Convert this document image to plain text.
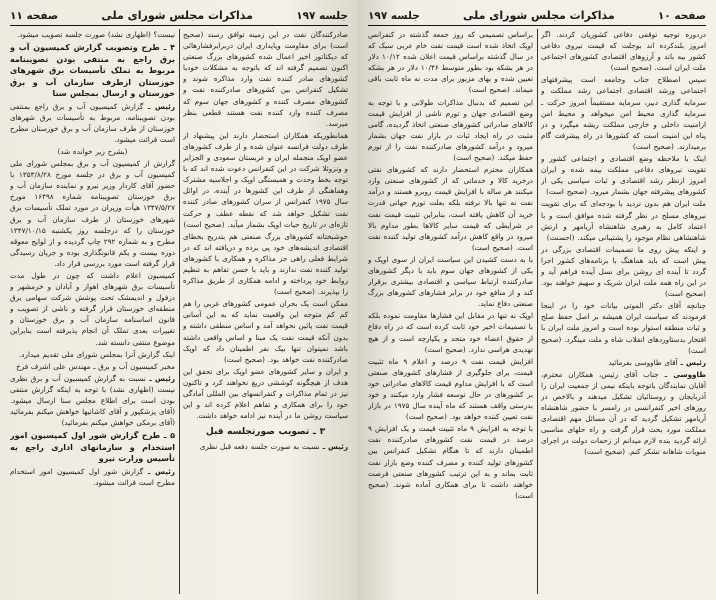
جلسه ۱۹۷
مذاکرات مجلس شورای ملی
صفحه ۱۱

صادرکنندگان نفت در این زمینه توافق رسند (صحیح است) برای مقاومت وپایداری ایران دربرابرفشارهائی که دیکتاتور اخیر اعمال شده کشورهای بزرگ صنعتی اکنون تصمیم گرفته اند که باتوجه به مشکلات خودبا کشورهای صادر کننده نفت وارد مذاکره شوند و تشکیل کنفرانس بین کشورهای صادرکننده نفت و کشورهای مصرف کننده و کشورهای جهان سوم که مصرف کننده وارد کننده نفت هستند قطعی بنظر میرسد.

همانطوریکه همکاران استحضار دارند این پیشنهاد از طرف دولت فرانسه عنوان شده و از طرف کشورهای عضو اوپک منجمله ایران و عربستان سعودی و الجزایر و ونزوئلا شرکت در این کنفرانس دعوت شده اند که با توجه بخط وحدت و همبستگی اوپک و اجلاسیه مشترک وهماهنگی از طرف این کشورها در آینده، در اوائل سال ۱۹۷۵ کنفرانس از سران کشورهای صادر کننده نفت تشکیل خواهد شد که نقطه عطف و حرکت تازه‌ای در تاریخ حیات اوپک بشمار میآید. (صحیح است)

خوشبختانه کشورهای بزرگ صنعتی هم بتدریج بخطای اقتصادی اندیشه‌های خود پی برده و دریافته اند که در شرایط فعلی راهی جز مذاکره و همکاری با کشورهای تولید کننده نفت ندارند و باید با حسن تفاهم به تنظیم روابط خود پرداخته و ادامه همکاری از طریق مذاکره را بپذیرند. (صحیح است)

ممکن است یک بحران عمومی کشورهای غربی را هم کم کم متوجه این واقعیت نماید که به این آسانی قیمت نفت پائین نخواهد آمد و اساس منطقی داشته و بدون آنکه قیمت نفت یک مبنا و اساس واقعی داشته باشد نمیتوان تنها بیک نفر اطمینان داد که اوپک صادرکننده نفت خواهد بود. (صحیح است)

و ایران و سایر کشورهای عضو اوپک برای تحقق این هدف از هیچگونه کوششی دریغ نخواهند کرد و تاکنون نیز در تمام مذاکرات و کنفرانسهای بین المللی آمادگی خود را برای همکاری و تفاهم اعلام کرده اند و این سیاست روشن ما در آینده نیز ادامه خواهد داشت.

۳ ـ تصویب صورتجلسه قبل

رئیس ـ نسبت به صورت جلسه دفعه قبل نظری

نیست؟ (اظهاری نشد) صورت جلسه تصویب میشود.

۴ ـ طرح وتصویب گزارش کمیسیون آب و برق راجع به منتفی بودن تصویبنامه مربوط به تملک تأسیسات برق شهرهای خوزستان ازطرف سازمان آب و برق خوزستان و ارسال بمجلس سنا

رئیس ـ گزارش کمیسیون آب و برق راجع بمنتفی بودن تصویبنامه، مربوط به تأسیسات برق شهرهای خوزستان از طرف سازمان آب و برق خوزستان مطرح است قرائت میشود.

(بشرح زیر خوانده شد)

گزارش از کمیسیون آب و برق بمجلس شورای ملی کمیسیون آب و برق در جلسه مورخ ۱۳۵۳/۸/۲۸ با حضور آقای کاردار وزیر نیرو و نماینده سازمان آب و برق خوزستان تصویبنامه شماره ۱۶۴۹۸ مورخ ۱۳۴۷/۵/۲۷ هیأت وزیران در مورد تملک تأسیسات برق شهرهای خوزستان از طرف سازمان آب و برق خوزستان را که درجلسه روز یکشنبه ۱۳۴۷/۱۰/۱۵ مطرح و به شماره ۲۹۲ چاپ گردیده و از لوایح معوقه دوره بیست و یکم قانونگذاری بوده و جریان رسیدگی قرار گرفته است مورد بررسی قرار داد.

کمیسیون اعلام داشت که چون در طول مدت تأسیسات برق شهرهای اهواز و آبادان و خرمشهر و دزفول و اندیمشک تحت پوشش شرکت سهامی برق منطقه‌ای خوزستان قرار گرفته و ناشی از تصویب و قانون اساسنامه سازمان آب و برق خوزستان و تغییرات بعدی تملک آن انجام پذیرفته است بنابراین موضوع منتفی دانسته شد.

اینک گزارش آنرا بمجلس شورای ملی تقدیم میدارد.

مخبر کمیسیون آب و برق ـ مهندس علی اشرف فرخ

رئیس ـ نسبت به گزارش کمیسیون آب و برق نظری نیست (اظهاری نشد) با توجه به اینکه گزارش منتفی بودن است برای اطلاع مجلس سنا ارسال میشود. (آقای پزشکپور و آقای کاشانیها خواهش میکنم بفرمائید (آقای برمکی خواهش میکنم بفرمائید)

۵ ـ طرح گزارش شور اول کمیسیون امور استخدام و سازمانهای اداری راجع به تأسیس وزارت نیرو

رئیس ـ گزارش شور اول کمیسیون امور استخدام مطرح است قرائت میشود.

صفحه ۱۰
مذاکرات مجلس شورای ملی
جلسه ۱۹۷

دردوره توجیه توقفی دفاعی کشوریان کردند. اگر امروز بلندکرده اند بوجلت که قیمت نیروی دفاعی کشور بیه باند و آرزوهای اقتصادی کشورهای اجتماعی ملت ایران است. (صحیح است)

سپس اصطلاح جناب وجامعه است پیشرفتهای اجتماعی ورشد اقتصادی اجتماعی رشد مملکت و سرمایه گذاری دبیر، سرمایه مستقیماً امروز حرکت ـ سرمایه گذاری محیط امن میخواهد و محیط امن ازامنیت داخلی و خارجی مملکت ریشه میگیرد و در پناه این امنیت است که کشورها در راه پیشرفت گام برمیدارند. (صحیح است)

اینک با ملاحظه وضع اقتصادی و اجتماعی کشور و تقویت نیروهای دفاعی مملکت بیمه شده و ایران امروز ازنظر رشد اقتصادی و ثبات سیاسی یکی از کشورهای پیشرفته جهان بشمار میرود. (صحیح است)

ملت ایران هم بدون تردید با بودجه‌ای که برای تقویت نیروهای مسلح در نظر گرفته شده موافق است و با اعتماد کامل به رهبری شاهنشاه آریامهر و ارتش شاهنشاهی نظام موجود را پشتیبانی میکند. (احسنت)

و اینکه پیش روی ما تصمیمات اقتصادی بزرگی در پیش است که باید هماهنگ با برنامه‌های کشور اجرا گردد تا آینده ای روشن برای نسل آینده فراهم آید و در این راه همه ملت ایران شریک و سهیم خواهند بود. (صحیح است)

چنانچه آقای دکتر الموتی بیانات خود را در اینجا فرمودند که سیاست ایران همیشه بر اصل حفظ صلح و ثبات منطقه استوار بوده است و امروز ملت ایران با افتخار بدستاوردهای انقلاب شاه و ملت مینگرد. (صحیح است)

رئیس ـ آقای طاووسی بفرمائید

طاووسی ـ جناب آقای رئیس، همکاران محترم، آقایان نمایندگان باتوجه باینکه نیمی از جمعیت ایران را آذربایجان و روستائیان تشکیل میدهند و بالاخص در روزهای اخیر کنفرانسی در رامسر با حضور شاهنشاه آریامهر تشکیل گردید که در آن مسائل مهم اقتصادی مملکت مورد بحث قرار گرفت و راه حلهای مناسبی ارائه گردید بنده لازم میدانم از زحمات دولت در اجرای منویات شاهانه تشکر کنم. (صحیح است)

براساس تصمیمی که روز جمعه گذشته در کنفرانس اوپک اتخاذ شده است قیمت نفت خام عربی سبک که در سال گذشته براساس قیمت اعلان شده ۱۰/۱۲ دلار در هر بشکه بود بطور متوسط ۱۰/۴۶ دلار در هر بشکه تعیین شده و بهای مزبور برای مدت نه ماه ثابت باقی میماند. (صحیح است)

این تصمیم که بدنبال مذاکرات طولانی و با توجه به وضع اقتصادی جهان و تورم ناشی از افزایش قیمت کالاهای صادراتی کشورهای صنعتی اتخاذ گردیده، گامی مثبت در راه ایجاد ثبات در بازار نفت جهان بشمار میرود و درآمد کشورهای صادرکننده نفت را از تورم حفظ میکند. (صحیح است)

همکاران محترم استحضار دارند که کشورهای نفتی درخرید کالا و خدماتی که از کشورهای صنعتی وارد میکنند هر ساله با افزایش قیمت روبرو هستند و درآمد نفت نه تنها بالا نرفته بلکه بعلت تورم جهانی قدرت خرید آن کاهش یافته است، بنابراین تثبیت قیمت نفت در شرایطی که قیمت سایر کالاها بطور مداوم بالا میرود در واقع کاهش درآمد کشورهای تولید کننده نفت است. (صحیح است)

با به دست کشیدن این سیاست ایران از سوی اوپک و یکی از کشورهای جهان سوم باید با دیگر کشورهای صادرکننده ارتباط سیاسی و اقتصادی بیشتری برقرار کند و از منافع خود در برابر فشارهای کشورهای بزرگ صنعتی دفاع نماید.

اوپک نه تنها در مقابل این فشارها مقاومت نموده بلکه با تصمیمات اخیر خود ثابت کرده است که در راه دفاع از حقوق اعضاء خود متحد و یکپارچه است و از هیچ تهدیدی هراسی ندارد. (صحیح است)

افزایش قیمت نفت ۹ درصد و اعلام ۹ ماه تثبیت قیمت، برای جلوگیری از فشارهای کشورهای صنعتی است که با افزایش مداوم قیمت کالاهای صادراتی خود بر کشورهای در حال توسعه فشار وارد میکنند و خود بدرستی واقف هستند که ماه آینده سال ۱۹۷۵ در بازار نفت تعیین کننده خواهد بود. (صحیح است)

با توجه به افزایش ۹ ماه تثبیت قیمت و یک افزایش ۹ درصد در قیمت نفت کشورهای صادرکننده نفت اطمینان دارند که تا هنگام تشکیل کنفرانس بین کشورهای تولید کننده و مصرف کننده وضع بازار نفت ثابت بماند و به این ترتیب کشورهای صنعتی فرصت خواهند داشت تا برای همکاری آماده شوند. (صحیح است)
